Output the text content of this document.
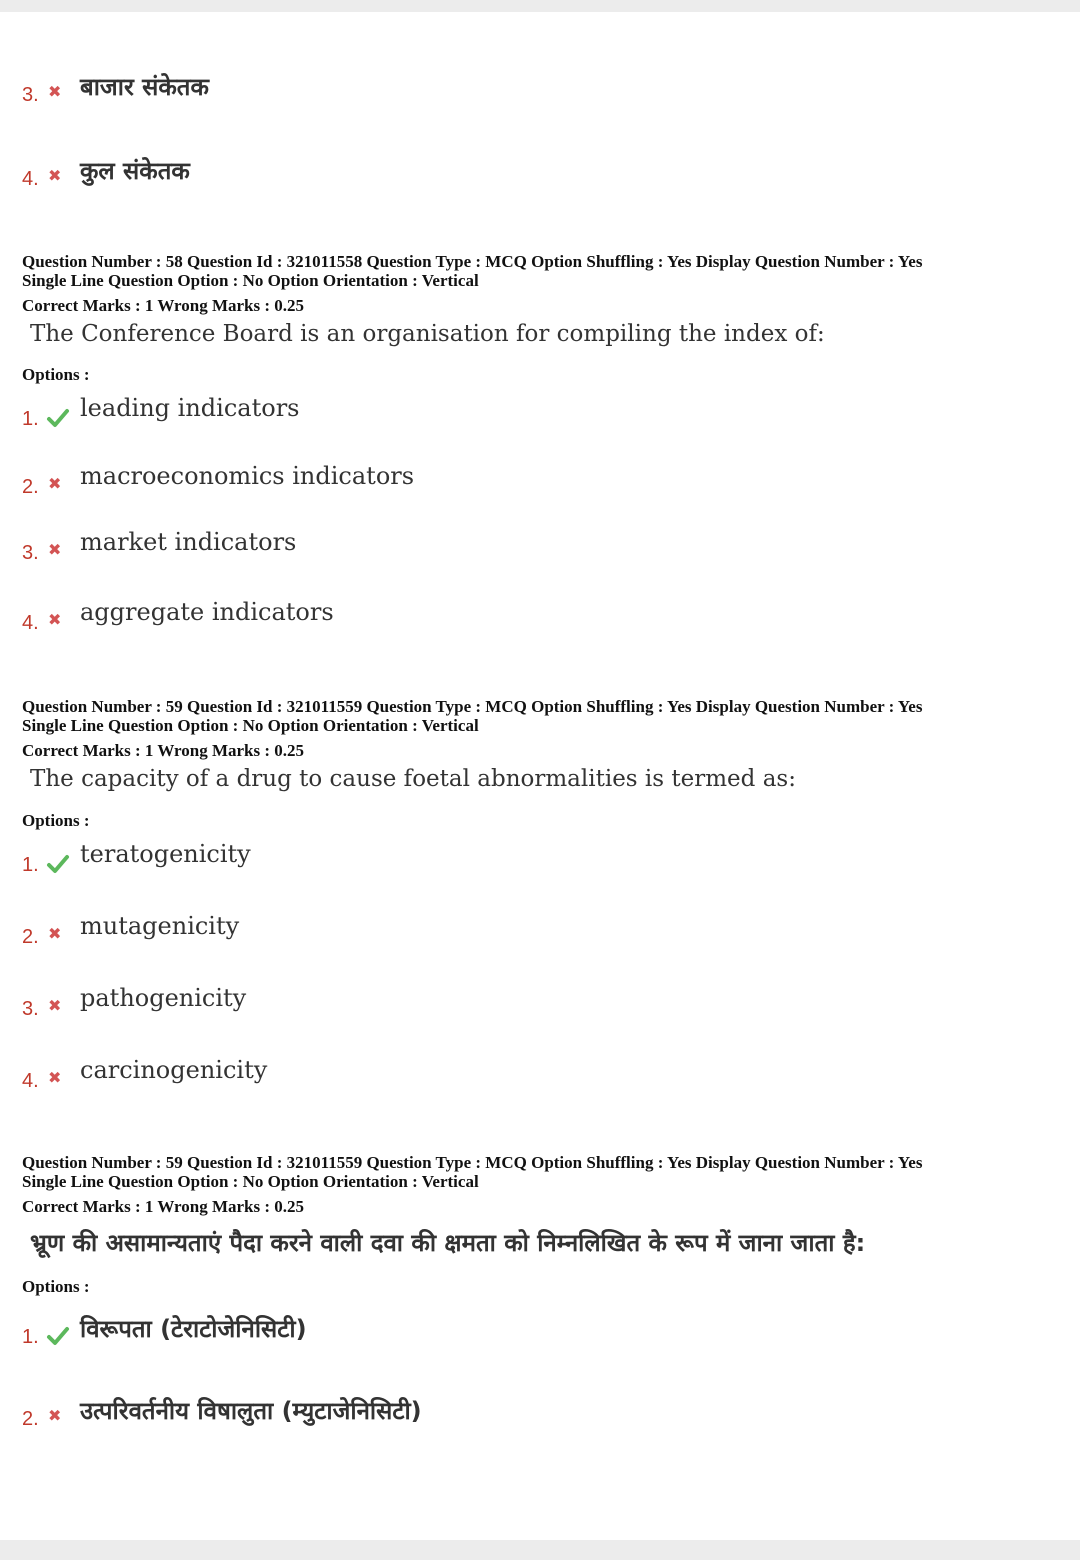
3. ✖ बाजार संकेतक
4. ✖ कुल संकेतक
Question Number : 58 Question Id : 321011558 Question Type : MCQ Option Shuffling : Yes Display Question Number : Yes
Single Line Question Option : No Option Orientation : Vertical
Correct Marks : 1 Wrong Marks : 0.25
The Conference Board is an organisation for compiling the index of:
Options :
1. leading indicators
2. ✖ macroeconomics indicators
3. ✖ market indicators
4. ✖ aggregate indicators
Question Number : 59 Question Id : 321011559 Question Type : MCQ Option Shuffling : Yes Display Question Number : Yes
Single Line Question Option : No Option Orientation : Vertical
Correct Marks : 1 Wrong Marks : 0.25
The capacity of a drug to cause foetal abnormalities is termed as:
Options :
1. teratogenicity
2. ✖ mutagenicity
3. ✖ pathogenicity
4. ✖ carcinogenicity
Question Number : 59 Question Id : 321011559 Question Type : MCQ Option Shuffling : Yes Display Question Number : Yes
Single Line Question Option : No Option Orientation : Vertical
Correct Marks : 1 Wrong Marks : 0.25
भ्रूण की असामान्यताएं पैदा करने वाली दवा की क्षमता को निम्नलिखित के रूप में जाना जाता है:
Options :
1. विरूपता (टेराटोजेनिसिटी)
2. ✖ उत्परिवर्तनीय विषालुता (म्युटाजेनिसिटी)
